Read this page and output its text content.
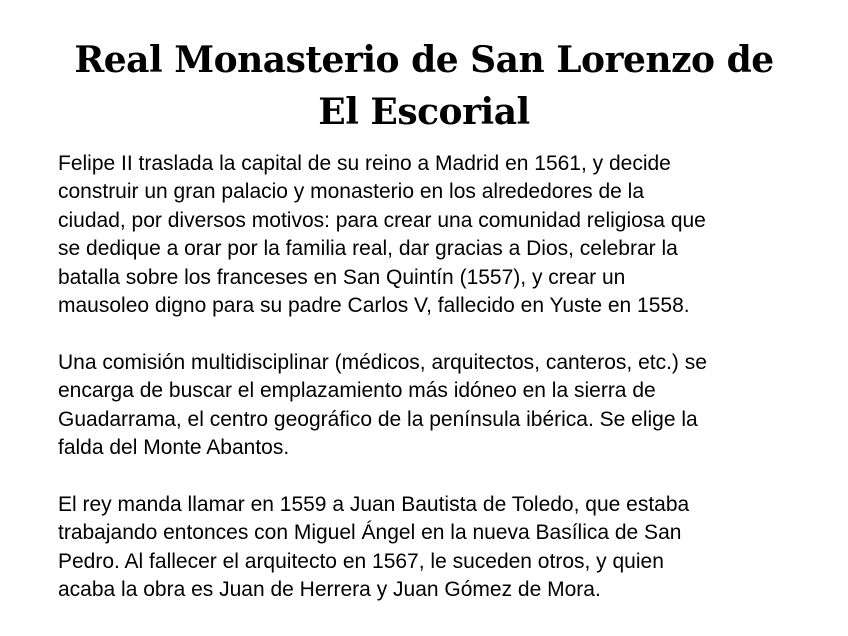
Real Monasterio de San Lorenzo de
El Escorial

Felipe II traslada la capital de su reino a Madrid en 1561, y decide
construir un gran palacio y monasterio en los alrededores de la
ciudad, por diversos motivos: para crear una comunidad religiosa que
se dedique a orar por la familia real, dar gracias a Dios, celebrar la
batalla sobre los franceses en San Quintín (1557), y crear un
mausoleo digno para su padre Carlos V, fallecido en Yuste en 1558.

Una comisión multidisciplinar (médicos, arquitectos, canteros, etc.) se
encarga de buscar el emplazamiento más idóneo en la sierra de
Guadarrama, el centro geográfico de la península ibérica. Se elige la
falda del Monte Abantos.

El rey manda llamar en 1559 a Juan Bautista de Toledo, que estaba
trabajando entonces con Miguel Ángel en la nueva Basílica de San
Pedro. Al fallecer el arquitecto en 1567, le suceden otros, y quien
acaba la obra es Juan de Herrera y Juan Gómez de Mora.
